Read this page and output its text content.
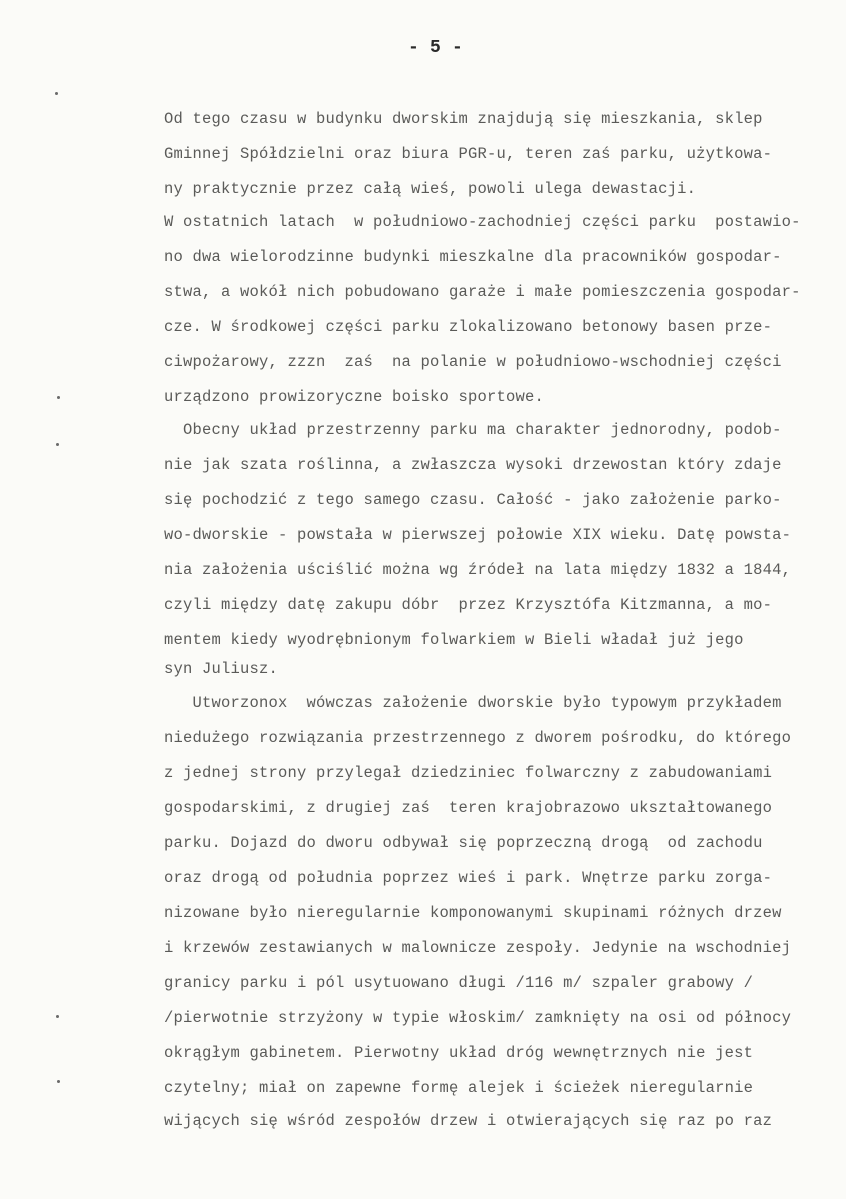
- 5 -
Od tego czasu w budynku dworskim znajdują się mieszkania, sklep
Gminnej Spółdzielni oraz biura PGR-u, teren zaś parku, użytkowa-
ny praktycznie przez całą wieś, powoli ulega dewastacji.
W ostatnich latach  w południowo-zachodniej części parku  postawio-
no dwa wielorodzinne budynki mieszkalne dla pracowników gospodar-
stwa, a wokół nich pobudowano garaże i małe pomieszczenia gospodar-
cze. W środkowej części parku zlokalizowano betonowy basen prze-
ciwpożarowy, zzzn  zaś  na polanie w południowo-wschodniej części
urządzono prowizoryczne boisko sportowe.
Obecny układ przestrzenny parku ma charakter jednorodny, podob-
nie jak szata roślinna, a zwłaszcza wysoki drzewostan który zdaje
się pochodzić z tego samego czasu. Całość - jako założenie parko-
wo-dworskie - powstała w pierwszej połowie XIX wieku. Datę powsta-
nia założenia uściślić można wg źródeł na lata między 1832 a 1844,
czyli między datę zakupu dóbr  przez Krzysztófa Kitzmanna, a mo-
mentem kiedy wyodrębnionym folwarkiem w Bieli władał już jego
syn Juliusz.
Utworzonox  wówczas założenie dworskie było typowym przykładem
niedużego rozwiązania przestrzennego z dworem pośrodku, do którego
z jednej strony przylegał dziedziniec folwarczny z zabudowaniami
gospodarskimi, z drugiej zaś  teren krajobrazowo ukształtowanego
parku. Dojazd do dworu odbywał się poprzeczną drogą  od zachodu
oraz drogą od południa poprzez wieś i park. Wnętrze parku zorga-
nizowane było nieregularnie komponowanymi skupinami różnych drzew
i krzewów zestawianych w malownicze zespoły. Jedynie na wschodniej
granicy parku i pól usytuowano długi /116 m/ szpaler grabowy /
/pierwotnie strzyżony w typie włoskim/ zamknięty na osi od północy
okrągłym gabinetem. Pierwotny układ dróg wewnętrznych nie jest
czytelny; miał on zapewne formę alejek i ścieżek nieregularnie
wijących się wśród zespołów drzew i otwierających się raz po raz
